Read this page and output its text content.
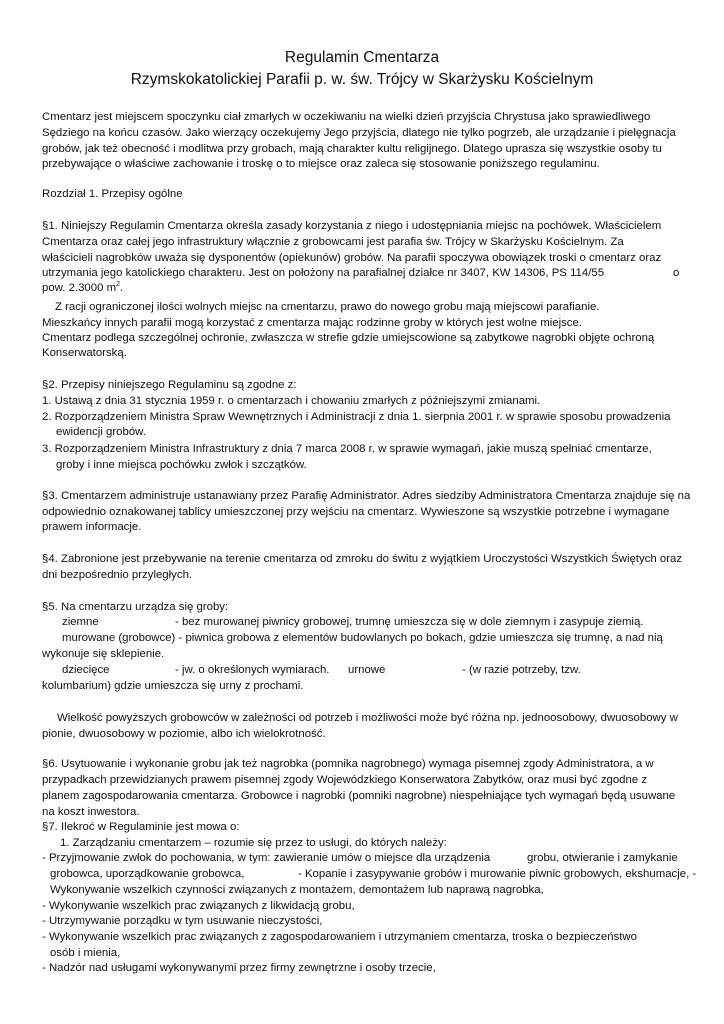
Regulamin Cmentarza
Rzymskokatolickiej Parafii p. w. św. Trójcy w Skarżysku Kościelnym
Cmentarz jest miejscem spoczynku ciał zmarłych w oczekiwaniu na wielki dzień przyjścia Chrystusa jako sprawiedliwego
Sędziego na końcu czasów. Jako wierzący oczekujemy Jego przyjścia, dlatego nie tylko pogrzeb, ale urządzanie i pielęgnacja
grobów, jak też obecność i modlitwa przy grobach, mają charakter kultu religijnego. Dlatego uprasza się wszystkie osoby tu
przebywające o właściwe zachowanie i troskę o to miejsce oraz zaleca się stosowanie poniższego regulaminu.
Rozdział 1. Przepisy ogólne
§1. Niniejszy Regulamin Cmentarza określa zasady korzystania z niego i udostępniania miejsc na pochówek. Właścicielem
Cmentarza oraz całej jego infrastruktury włącznie z grobowcami jest parafia św. Trójcy w Skarżysku Kościelnym. Za
właścicieli nagrobków uważa się dysponentów (opiekunów) grobów. Na parafii spoczywa obowiązek troski o cmentarz oraz
utrzymania jego katolickiego charakteru. Jest on położony na parafialnej działce nr 3407, KW 14306, PS 114/55	o
pow. 2.3000 $m^2$.
Z racji ograniczonej ilości wolnych miejsc na cmentarzu, prawo do nowego grobu mają miejscowi parafianie.
Mieszkańcy innych parafii mogą korzystać z cmentarza mając rodzinne groby w których jest wolne miejsce.
Cmentarz podlega szczególnej ochronie, zwłaszcza w strefie gdzie umiejscowione są zabytkowe nagrobki objęte ochroną
Konserwatorską.
§2. Przepisy niniejszego Regulaminu są zgodne z:
1. Ustawą z dnia 31 stycznia 1959 r. o cmentarzach i chowaniu zmarłych z późniejszymi zmianami.
2. Rozporządzeniem Ministra Spraw Wewnętrznych i Administracji z dnia 1. sierpnia 2001 r. w sprawie sposobu prowadzenia
ewidencji grobów.
3. Rozporządzeniem Ministra Infrastruktury z dnia 7 marca 2008 r. w sprawie wymagań, jakie muszą spełniać cmentarze,
groby i inne miejsca pochówku zwłok i szczątków.
§3. Cmentarzem administruje ustanawiany przez Parafię Administrator. Adres siedziby Administratora Cmentarza znajduje się na
odpowiednio oznakowanej tablicy umieszczonej przy wejściu na cmentarz. Wywieszone są wszystkie potrzebne i wymagane
prawem informacje.
§4. Zabronione jest przebywanie na terenie cmentarza od zmroku do świtu z wyjątkiem Uroczystości Wszystkich Świętych oraz
dni bezpośrednio przyległych.
§5. Na cmentarzu urządza się groby:
ziemne	- bez murowanej piwnicy grobowej, trumnę umieszcza się w dole ziemnym i zasypuje ziemią.
murowane (grobowce) - piwnica grobowa z elementów budowlanych po bokach, gdzie umieszcza się trumnę, a nad nią
wykonuje się sklepienie.
dziecięce	- jw. o określonych wymiarach. urnowe	- (w razie potrzeby, tzw.
kolumbarium) gdzie umieszcza się urny z prochami.
Wielkość powyższych grobowców w zależności od potrzeb i możliwości może być różna np. jednoosobowy, dwuosobowy w
pionie, dwuosobowy w poziomie, albo ich wielokrotność.
§6. Usytuowanie i wykonanie grobu jak też nagrobka (pomnika nagrobnego) wymaga pisemnej zgody Administratora, a w
przypadkach przewidzianych prawem pisemnej zgody Wojewódzkiego Konserwatora Zabytków, oraz musi być zgodne z
planem zagospodarowania cmentarza. Grobowce i nagrobki (pomniki nagrobne) niespełniające tych wymagań będą usuwane
na koszt inwestora.
§7. Ilekroć w Regulaminie jest mowa o:
1. Zarządzaniu cmentarzem – rozumie się przez to usługi, do których należy:
- Przyjmowanie zwłok do pochowania, w tym: zawieranie umów o miejsce dla urządzenia	grobu, otwieranie i zamykanie
grobowca, uporządkowanie grobowca,	- Kopanie i zasypywanie grobów i murowanie piwnic grobowych, ekshumacje, -
Wykonywanie wszelkich czynności związanych z montażem, demontażem lub naprawą nagrobka,
- Wykonywanie wszelkich prac związanych z likwidacją grobu,
- Utrzymywanie porządku w tym usuwanie nieczystości,
- Wykonywanie wszelkich prac związanych z zagospodarowaniem i utrzymaniem cmentarza, troska o bezpieczeństwo
osób i mienia,
- Nadzór nad usługami wykonywanymi przez firmy zewnętrzne i osoby trzecie,
